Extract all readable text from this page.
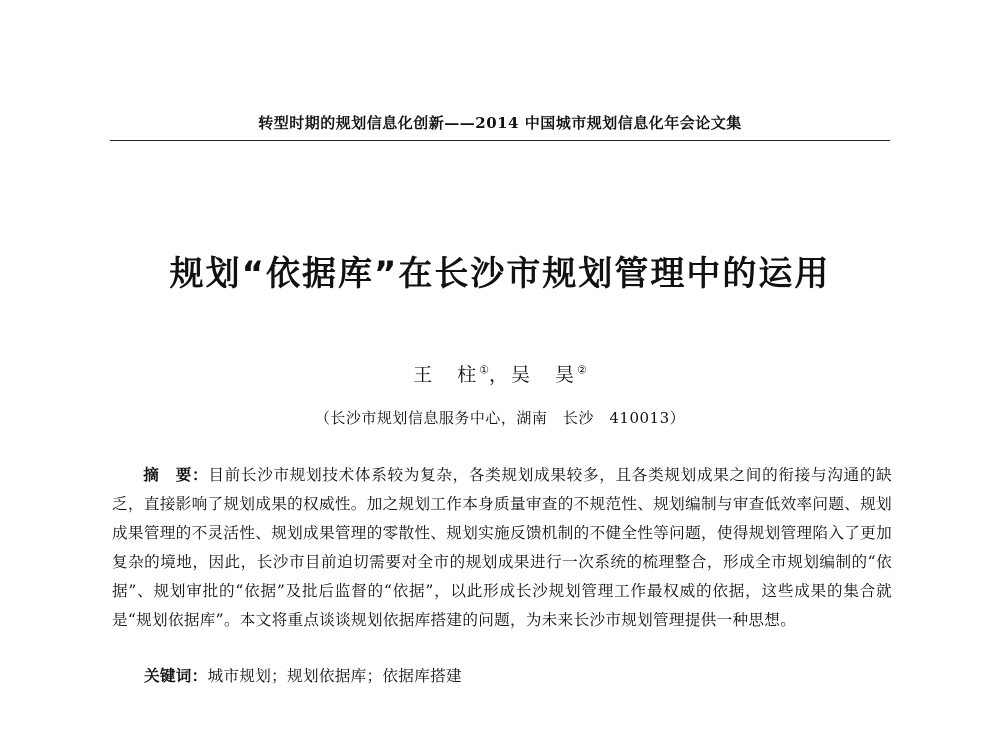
转型时期的规划信息化创新——2014 中国城市规划信息化年会论文集
规划“依据库”在长沙市规划管理中的运用
王　柱①，吴　昊②
（长沙市规划信息服务中心，湖南　长沙　410013）
摘　要：目前长沙市规划技术体系较为复杂，各类规划成果较多，且各类规划成果之间的衔接与沟通的缺乏，直接影响了规划成果的权威性。加之规划工作本身质量审查的不规范性、规划编制与审查低效率问题、规划成果管理的不灵活性、规划成果管理的零散性、规划实施反馈机制的不健全性等问题，使得规划管理陷入了更加复杂的境地，因此，长沙市目前迫切需要对全市的规划成果进行一次系统的梳理整合，形成全市规划编制的“依据”、规划审批的“依据”及批后监督的“依据”，以此形成长沙规划管理工作最权威的依据，这些成果的集合就是“规划依据库”。本文将重点谈谈规划依据库搭建的问题，为未来长沙市规划管理提供一种思想。
关键词：城市规划；规划依据库；依据库搭建
